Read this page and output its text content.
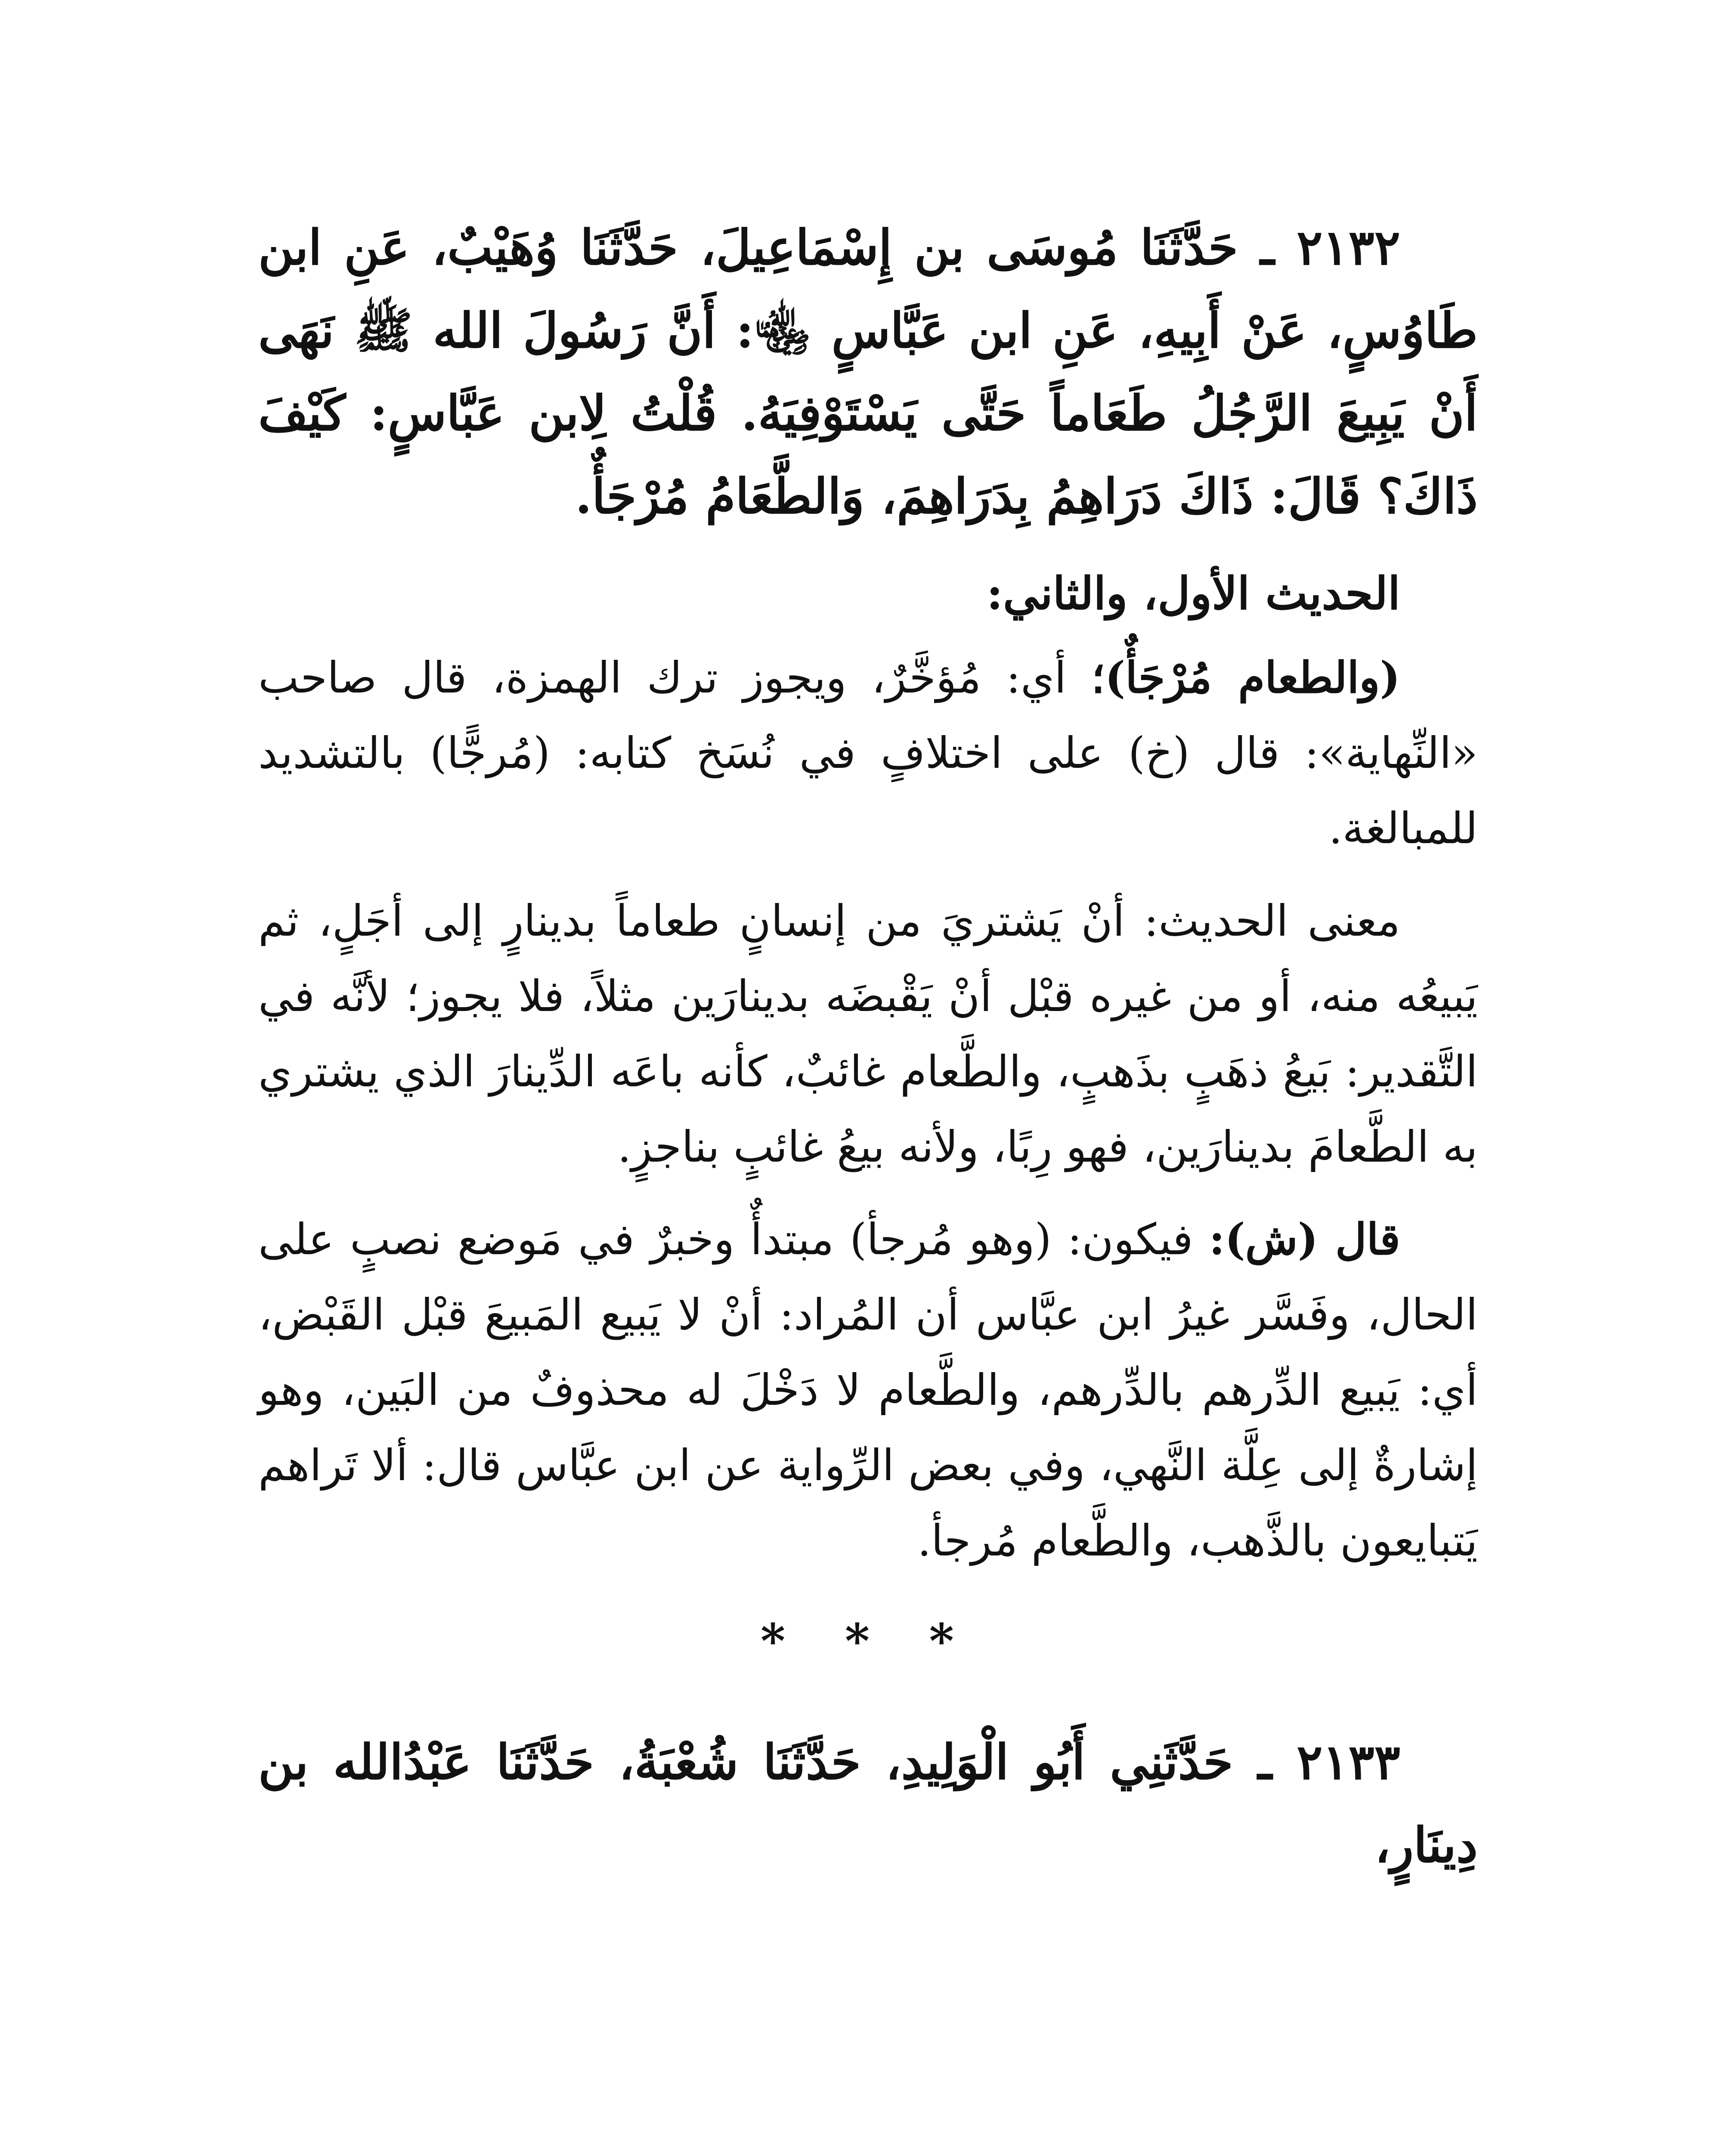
٢١٣٢ ـ حَدَّثَنَا مُوسَى بن إِسْمَاعِيلَ، حَدَّثَنَا وُهَيْبٌ، عَنِ ابن طَاوُسٍ، عَنْ أَبِيهِ، عَنِ ابن عَبَّاسٍ ﵄: أَنَّ رَسُولَ الله ﷺ نَهَى أَنْ يَبِيعَ الرَّجُلُ طَعَاماً حَتَّى يَسْتَوْفِيَهُ. قُلْتُ لِابن عَبَّاسٍ: كَيْفَ ذَاكَ؟ قَالَ: ذَاكَ دَرَاهِمُ بِدَرَاهِمَ، وَالطَّعَامُ مُرْجَأٌ.

الحديث الأول، والثاني:

(والطعام مُرْجَأٌ)؛ أي: مُؤخَّرٌ، ويجوز ترك الهمزة، قال صاحب «النِّهاية»: قال (خ) على اختلافٍ في نُسَخ كتابه: (مُرجًّا) بالتشديد للمبالغة.

معنى الحديث: أنْ يَشتريَ من إنسانٍ طعاماً بدينارٍ إلى أجَلٍ، ثم يَبيعُه منه، أو من غيره قبْل أنْ يَقْبضَه بدينارَين مثلاً، فلا يجوز؛ لأنَّه في التَّقدير: بَيعُ ذهَبٍ بذَهبٍ، والطَّعام غائبٌ، كأنه باعَه الدِّينارَ الذي يشتري به الطَّعامَ بدينارَين، فهو رِبًا، ولأنه بيعُ غائبٍ بناجزٍ.

قال (ش): فيكون: (وهو مُرجأ) مبتدأٌ وخبرٌ في مَوضع نصبٍ على الحال، وفَسَّر غيرُ ابن عبَّاس أن المُراد: أنْ لا يَبيع المَبيعَ قبْل القَبْض، أي: يَبيع الدِّرهم بالدِّرهم، والطَّعام لا دَخْلَ له محذوفٌ من البَين، وهو إشارةٌ إلى عِلَّة النَّهي، وفي بعض الرِّواية عن ابن عبَّاس قال: ألا تَراهم يَتبايعون بالذَّهب، والطَّعام مُرجأ.

* * *

٢١٣٣ ـ حَدَّثَنِي أَبُو الْوَلِيدِ، حَدَّثَنَا شُعْبَةُ، حَدَّثَنَا عَبْدُالله بن دِينَارٍ،
